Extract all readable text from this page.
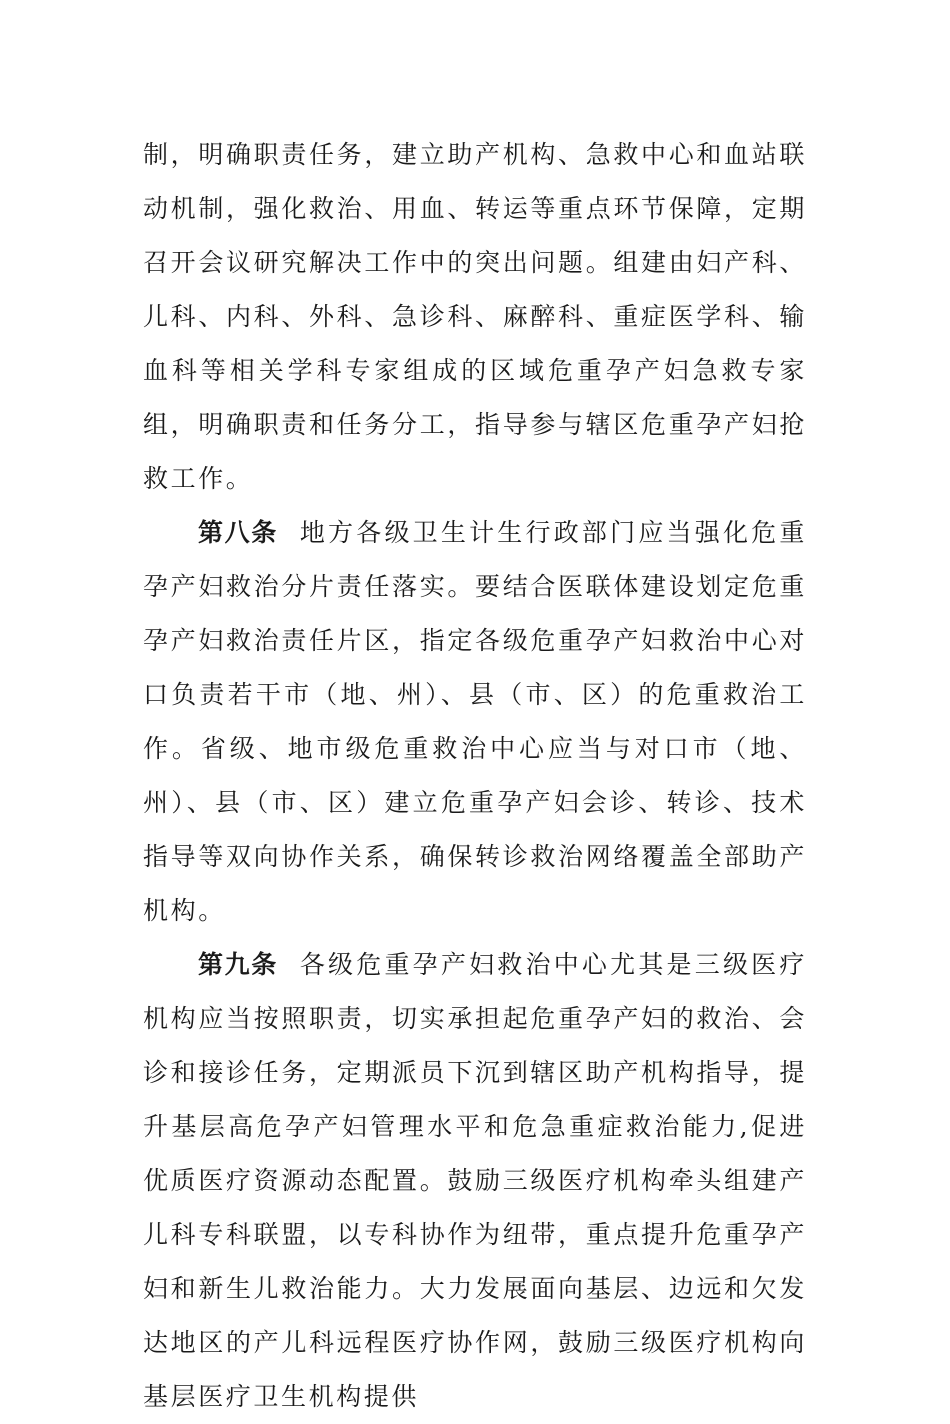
制，明确职责任务，建立助产机构、急救中心和血站联动机制，强化救治、用血、转运等重点环节保障，定期召开会议研究解决工作中的突出问题。组建由妇产科、儿科、内科、外科、急诊科、麻醉科、重症医学科、输血科等相关学科专家组成的区域危重孕产妇急救专家组，明确职责和任务分工，指导参与辖区危重孕产妇抢救工作。

第八条 地方各级卫生计生行政部门应当强化危重孕产妇救治分片责任落实。要结合医联体建设划定危重孕产妇救治责任片区，指定各级危重孕产妇救治中心对口负责若干市（地、州）、县（市、区）的危重救治工作。省级、地市级危重救治中心应当与对口市（地、州）、县（市、区）建立危重孕产妇会诊、转诊、技术指导等双向协作关系，确保转诊救治网络覆盖全部助产机构。

第九条 各级危重孕产妇救治中心尤其是三级医疗机构应当按照职责，切实承担起危重孕产妇的救治、会诊和接诊任务，定期派员下沉到辖区助产机构指导，提升基层高危孕产妇管理水平和危急重症救治能力,促进优质医疗资源动态配置。鼓励三级医疗机构牵头组建产儿科专科联盟，以专科协作为纽带，重点提升危重孕产妇和新生儿救治能力。大力发展面向基层、边远和欠发达地区的产儿科远程医疗协作网，鼓励三级医疗机构向基层医疗卫生机构提供
